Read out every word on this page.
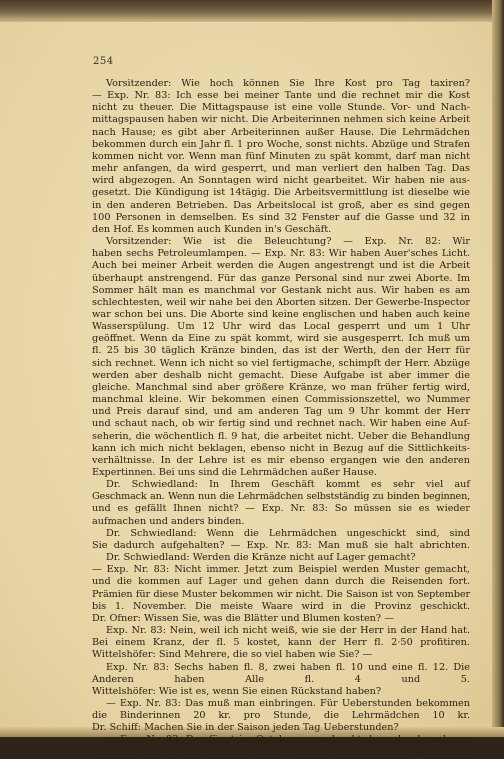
254
Vorsitzender: Wie hoch können Sie Ihre Kost pro Tag taxiren?
— Exp. Nr. 83: Ich esse bei meiner Tante und die rechnet mir die Kost
nicht zu theuer. Die Mittagspause ist eine volle Stunde. Vor- und Nach-
mittagspausen haben wir nicht. Die Arbeiterinnen nehmen sich keine Arbeit
nach Hause; es gibt aber Arbeiterinnen außer Hause. Die Lehrmädchen
bekommen durch ein Jahr fl. 1 pro Woche, sonst nichts. Abzüge und Strafen
kommen nicht vor. Wenn man fünf Minuten zu spät kommt, darf man nicht
mehr anfangen, da wird gesperrt, und man verliert den halben Tag. Das
wird abgezogen. An Sonntagen wird nicht gearbeitet. Wir haben nie aus-
gesetzt. Die Kündigung ist 14tägig. Die Arbeitsvermittlung ist dieselbe wie
in den anderen Betrieben. Das Arbeitslocal ist groß, aber es sind gegen
100 Personen in demselben. Es sind 32 Fenster auf die Gasse und 32 in
den Hof. Es kommen auch Kunden in's Geschäft.
Vorsitzender: Wie ist die Beleuchtung? — Exp. Nr. 82: Wir
haben sechs Petroleumlampen. — Exp. Nr. 83: Wir haben Auer'sches Licht.
Auch bei meiner Arbeit werden die Augen angestrengt und ist die Arbeit
überhaupt anstrengend. Für das ganze Personal sind nur zwei Aborte. Im
Sommer hält man es manchmal vor Gestank nicht aus. Wir haben es am
schlechtesten, weil wir nahe bei den Aborten sitzen. Der Gewerbe-Inspector
war schon bei uns. Die Aborte sind keine englischen und haben auch keine
Wasserspülung. Um 12 Uhr wird das Local gesperrt und um 1 Uhr
geöffnet. Wenn da Eine zu spät kommt, wird sie ausgesperrt. Ich muß um
fl. 25 bis 30 täglich Kränze binden, das ist der Werth, den der Herr für
sich rechnet. Wenn ich nicht so viel fertigmache, schimpft der Herr. Abzüge
werden aber deshalb nicht gemacht. Diese Aufgabe ist aber immer die
gleiche. Manchmal sind aber größere Kränze, wo man früher fertig wird,
manchmal kleine. Wir bekommen einen Commissionszettel, wo Nummer
und Preis darauf sind, und am anderen Tag um 9 Uhr kommt der Herr
und schaut nach, ob wir fertig sind und rechnet nach. Wir haben eine Auf-
seherin, die wöchentlich fl. 9 hat, die arbeitet nicht. Ueber die Behandlung
kann ich mich nicht beklagen, ebenso nicht in Bezug auf die Sittlichkeits-
verhältnisse. In der Lehre ist es mir ebenso ergangen wie den anderen
Expertinnen. Bei uns sind die Lehrmädchen außer Hause.
Dr. Schwiedland: In Ihrem Geschäft kommt es sehr viel auf
Geschmack an. Wenn nun die Lehrmädchen selbstständig zu binden beginnen,
und es gefällt Ihnen nicht? — Exp. Nr. 83: So müssen sie es wieder
aufmachen und anders binden.
Dr. Schwiedland: Wenn die Lehrmädchen ungeschickt sind, sind
Sie dadurch aufgehalten? — Exp. Nr. 83: Man muß sie halt abrichten.
Dr. Schwiedland: Werden die Kränze nicht auf Lager gemacht?
— Exp. Nr. 83: Nicht immer. Jetzt zum Beispiel werden Muster gemacht,
und die kommen auf Lager und gehen dann durch die Reisenden fort.
Prämien für diese Muster bekommen wir nicht. Die Saison ist von September
bis 1. November. Die meiste Waare wird in die Provinz geschickt.
Dr. Ofner: Wissen Sie, was die Blätter und Blumen kosten? —
Exp. Nr. 83: Nein, weil ich nicht weiß, wie sie der Herr in der Hand hat.
Bei einem Kranz, der fl. 5 kostet, kann der Herr fl. 2·50 profitiren.
Wittelshöfer: Sind Mehrere, die so viel haben wie Sie? —
Exp. Nr. 83: Sechs haben fl. 8, zwei haben fl. 10 und eine fl. 12. Die
Anderen haben Alle fl. 4 und 5.
Wittelshöfer: Wie ist es, wenn Sie einen Rückstand haben?
— Exp. Nr. 83: Das muß man einbringen. Für Ueberstunden bekommen
die Binderinnen 20 kr. pro Stunde, die Lehrmädchen 10 kr.
Dr. Schiff: Machen Sie in der Saison jeden Tag Ueberstunden?
— Exp. Nr. 83: Das fängt im October an und geht dann durch mehrere
Wochen, täglich zwei Stunden. Ueber Mittag wird aber nicht gearbeitet.
